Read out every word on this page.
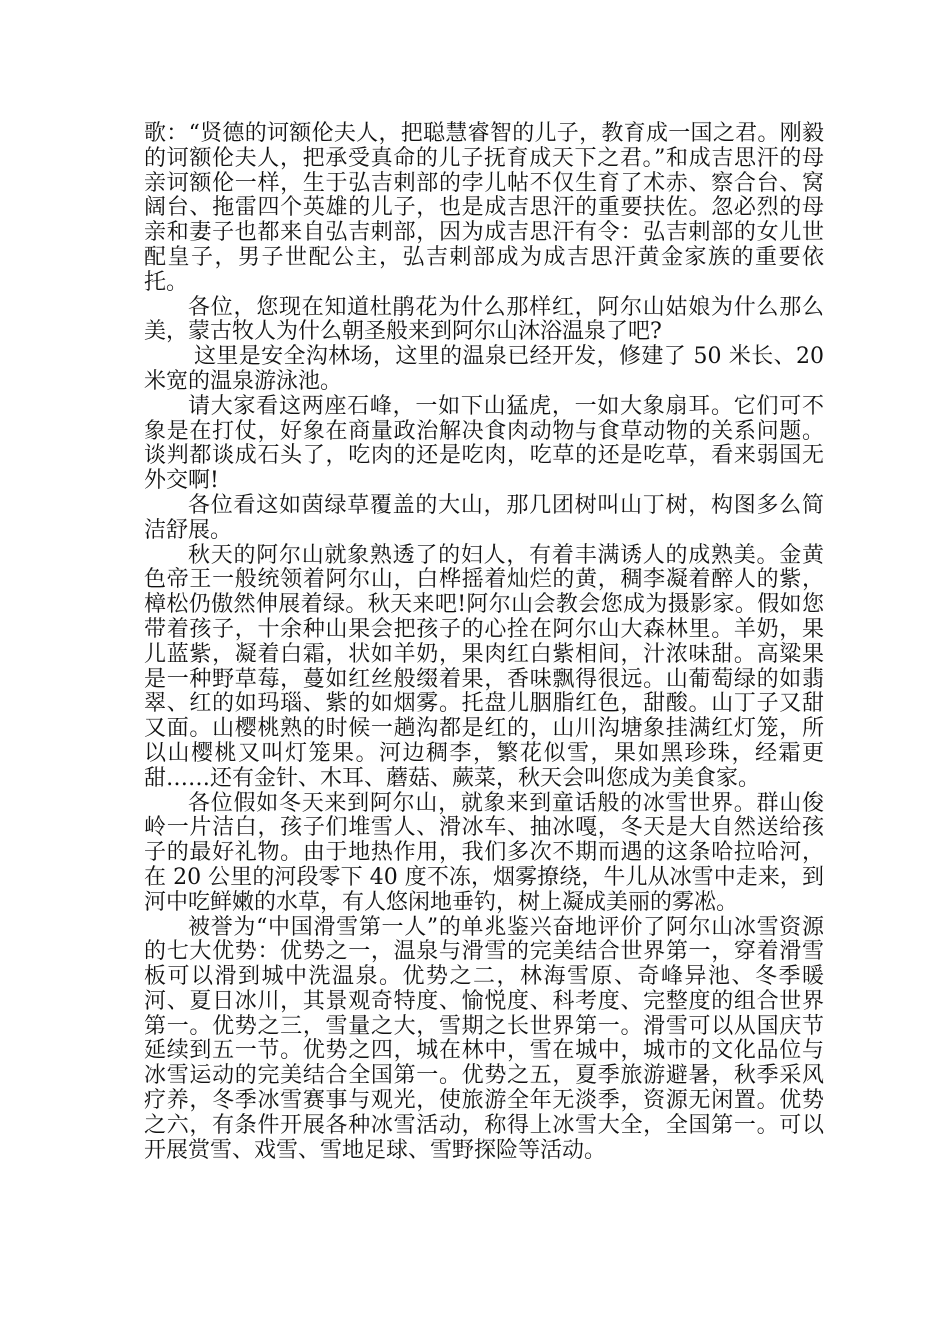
歌：“贤德的诃额伦夫人，把聪慧睿智的儿子，教育成一国之君。刚毅的诃额伦夫人，把承受真命的儿子抚育成天下之君。”和成吉思汗的母亲诃额伦一样，生于弘吉剌部的孛儿帖不仅生育了术赤、察合台、窝阔台、拖雷四个英雄的儿子，也是成吉思汗的重要扶佐。忽必烈的母亲和妻子也都来自弘吉剌部，因为成吉思汗有令：弘吉剌部的女儿世配皇子，男子世配公主，弘吉剌部成为成吉思汗黄金家族的重要依托。

各位，您现在知道杜鹃花为什么那样红，阿尔山姑娘为什么那么美，蒙古牧人为什么朝圣般来到阿尔山沐浴温泉了吧?

这里是安全沟林场，这里的温泉已经开发，修建了 50 米长、20 米宽的温泉游泳池。

请大家看这两座石峰，一如下山猛虎，一如大象扇耳。它们可不象是在打仗，好象在商量政治解决食肉动物与食草动物的关系问题。谈判都谈成石头了，吃肉的还是吃肉，吃草的还是吃草，看来弱国无外交啊!

各位看这如茵绿草覆盖的大山，那几团树叫山丁树，构图多么简洁舒展。

秋天的阿尔山就象熟透了的妇人，有着丰满诱人的成熟美。金黄色帝王一般统领着阿尔山，白桦摇着灿烂的黄，稠李凝着醉人的紫，樟松仍傲然伸展着绿。秋天来吧!阿尔山会教会您成为摄影家。假如您带着孩子，十余种山果会把孩子的心拴在阿尔山大森林里。羊奶，果儿蓝紫，凝着白霜，状如羊奶，果肉红白紫相间，汁浓味甜。高粱果是一种野草莓，蔓如红丝般缀着果，香味飘得很远。山葡萄绿的如翡翠、红的如玛瑙、紫的如烟雾。托盘儿胭脂红色，甜酸。山丁子又甜又面。山樱桃熟的时候一趟沟都是红的，山川沟塘象挂满红灯笼，所以山樱桃又叫灯笼果。河边稠李，繁花似雪，果如黑珍珠，经霜更甜……还有金针、木耳、蘑菇、蕨菜，秋天会叫您成为美食家。

各位假如冬天来到阿尔山，就象来到童话般的冰雪世界。群山俊岭一片洁白，孩子们堆雪人、滑冰车、抽冰嘎，冬天是大自然送给孩子的最好礼物。由于地热作用，我们多次不期而遇的这条哈拉哈河，在 20 公里的河段零下 40 度不冻，烟雾撩绕，牛儿从冰雪中走来，到河中吃鲜嫩的水草，有人悠闲地垂钓，树上凝成美丽的雾凇。

被誉为“中国滑雪第一人”的单兆鉴兴奋地评价了阿尔山冰雪资源的七大优势：优势之一，温泉与滑雪的完美结合世界第一，穿着滑雪板可以滑到城中洗温泉。优势之二，林海雪原、奇峰异池、冬季暖河、夏日冰川，其景观奇特度、愉悦度、科考度、完整度的组合世界第一。优势之三，雪量之大，雪期之长世界第一。滑雪可以从国庆节延续到五一节。优势之四，城在林中，雪在城中，城市的文化品位与冰雪运动的完美结合全国第一。优势之五，夏季旅游避暑，秋季采风疗养，冬季冰雪赛事与观光，使旅游全年无淡季，资源无闲置。优势之六，有条件开展各种冰雪活动，称得上冰雪大全，全国第一。可以开展赏雪、戏雪、雪地足球、雪野探险等活动。
